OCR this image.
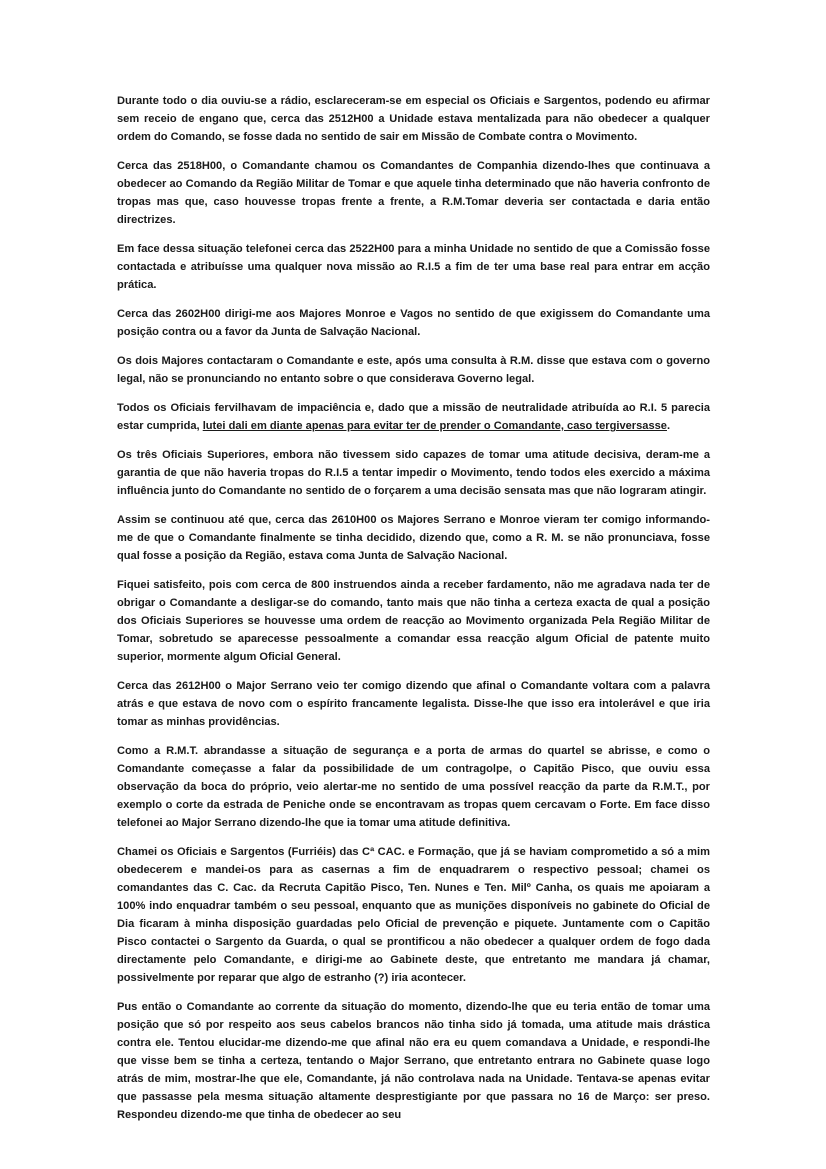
Durante todo o dia ouviu-se a rádio, esclareceram-se em especial os Oficiais e Sargentos, podendo eu afirmar sem receio de engano que, cerca das 2512H00 a Unidade estava mentalizada para não obedecer a qualquer ordem do Comando, se fosse dada no sentido de sair em Missão de Combate contra o Movimento.

Cerca das 2518H00, o Comandante chamou os Comandantes de Companhia dizendo-lhes que continuava a obedecer ao Comando da Região Militar de Tomar e que aquele tinha determinado que não haveria confronto de tropas mas que, caso houvesse tropas frente a frente, a R.M.Tomar deveria ser contactada e daria então directrizes.

Em face dessa situação telefonei cerca das 2522H00 para a minha Unidade no sentido de que a Comissão fosse contactada e atribuísse uma qualquer nova missão ao R.I.5 a fim de ter uma base real para entrar em acção prática.

Cerca das 2602H00 dirigi-me aos Majores Monroe e Vagos no sentido de que exigissem do Comandante uma posição contra ou a favor da Junta de Salvação Nacional.

Os dois Majores contactaram o Comandante e este, após uma consulta à R.M. disse que estava com o governo legal, não se pronunciando no entanto sobre o que considerava Governo legal.

Todos os Oficiais fervilhavam de impaciência e, dado que a missão de neutralidade atribuída ao R.I. 5 parecia estar cumprida, lutei dali em diante apenas para evitar ter de prender o Comandante, caso tergiversasse.

Os três Oficiais Superiores, embora não tivessem sido capazes de tomar uma atitude decisiva, deram-me a garantia de que não haveria tropas do R.I.5 a tentar impedir o Movimento, tendo todos eles exercido a máxima influência junto do Comandante no sentido de o forçarem a uma decisão sensata mas que não lograram atingir.

Assim se continuou até que, cerca das 2610H00 os Majores Serrano e Monroe vieram ter comigo informando-me de que o Comandante finalmente se tinha decidido, dizendo que, como a R. M. se não pronunciava, fosse qual fosse a posição da Região, estava coma Junta de Salvação Nacional.

Fiquei satisfeito, pois com cerca de 800 instruendos ainda a receber fardamento, não me agradava nada ter de obrigar o Comandante a desligar-se do comando, tanto mais que não tinha a certeza exacta de qual a posição dos Oficiais Superiores se houvesse uma ordem de reacção ao Movimento organizada Pela Região Militar de Tomar, sobretudo se aparecesse pessoalmente a comandar essa reacção algum Oficial de patente muito superior, mormente algum Oficial General.

Cerca das 2612H00 o Major Serrano veio ter comigo dizendo que afinal o Comandante voltara com a palavra atrás e que estava de novo com o espírito francamente legalista. Disse-lhe que isso era intolerável e que iria tomar as minhas providências.

Como a R.M.T. abrandasse a situação de segurança e a porta de armas do quartel se abrisse, e como o Comandante começasse a falar da possibilidade de um contragolpe, o Capitão Pisco, que ouviu essa observação da boca do próprio, veio alertar-me no sentido de uma possível reacção da parte da R.M.T., por exemplo o corte da estrada de Peniche onde se encontravam as tropas quem cercavam o Forte. Em face disso telefonei ao Major Serrano dizendo-lhe que ia tomar uma atitude definitiva.

Chamei os Oficiais e Sargentos (Furriéis) das Cª CAC. e Formação, que já se haviam comprometido a só a mim obedecerem e mandei-os para as casernas a fim de enquadrarem o respectivo pessoal; chamei os comandantes das C. Cac. da Recruta Capitão Pisco, Ten. Nunes e Ten. Milº Canha, os quais me apoiaram a 100% indo enquadrar também o seu pessoal, enquanto que as munições disponíveis no gabinete do Oficial de Dia ficaram à minha disposição guardadas pelo Oficial de prevenção e piquete. Juntamente com o Capitão Pisco contactei o Sargento da Guarda, o qual se prontificou a não obedecer a qualquer ordem de fogo dada directamente pelo Comandante, e dirigi-me ao Gabinete deste, que entretanto me mandara já chamar, possivelmente por reparar que algo de estranho (?) iria acontecer.

Pus então o Comandante ao corrente da situação do momento, dizendo-lhe que eu teria então de tomar uma posição que só por respeito aos seus cabelos brancos não tinha sido já tomada, uma atitude mais drástica contra ele. Tentou elucidar-me dizendo-me que afinal não era eu quem comandava a Unidade, e respondi-lhe que visse bem se tinha a certeza, tentando o Major Serrano, que entretanto entrara no Gabinete quase logo atrás de mim, mostrar-lhe que ele, Comandante, já não controlava nada na Unidade. Tentava-se apenas evitar que passasse pela mesma situação altamente desprestigiante por que passara no 16 de Março: ser preso. Respondeu dizendo-me que tinha de obedecer ao seu
